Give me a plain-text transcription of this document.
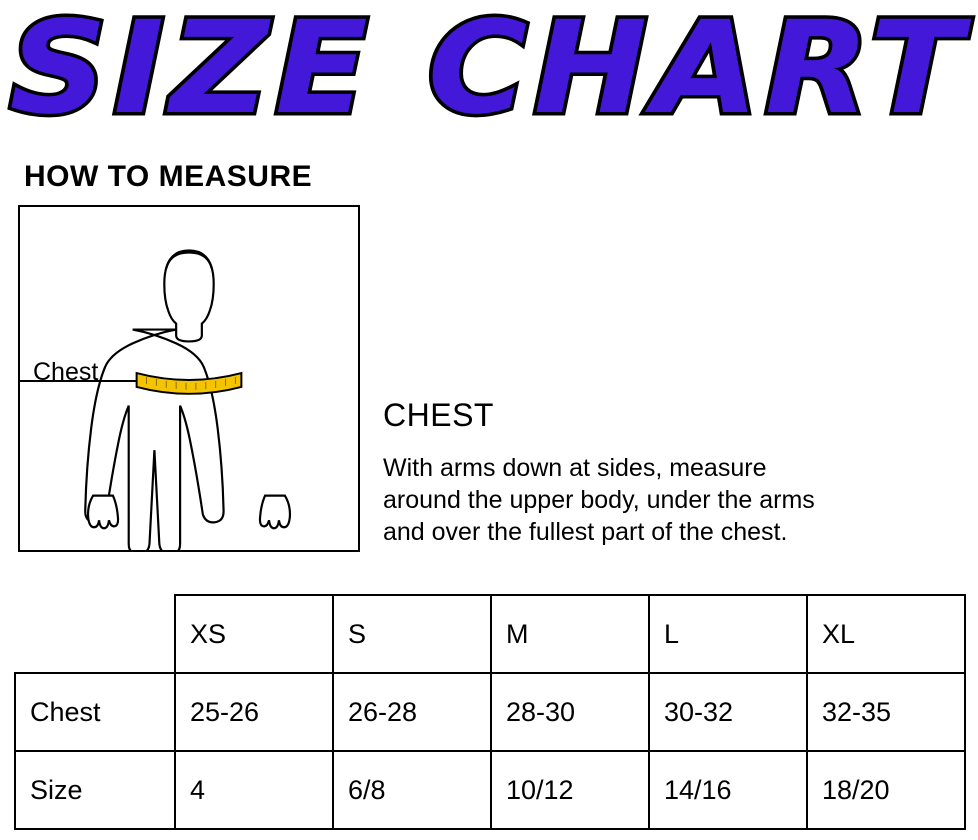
SIZE CHART
HOW TO MEASURE
Chest
CHEST
With arms down at sides, measure
around the upper body, under the arms
and over the fullest part of the chest.
	XS	S	M	L	XL
Chest	25-26	26-28	28-30	30-32	32-35
Size	4	6/8	10/12	14/16	18/20
